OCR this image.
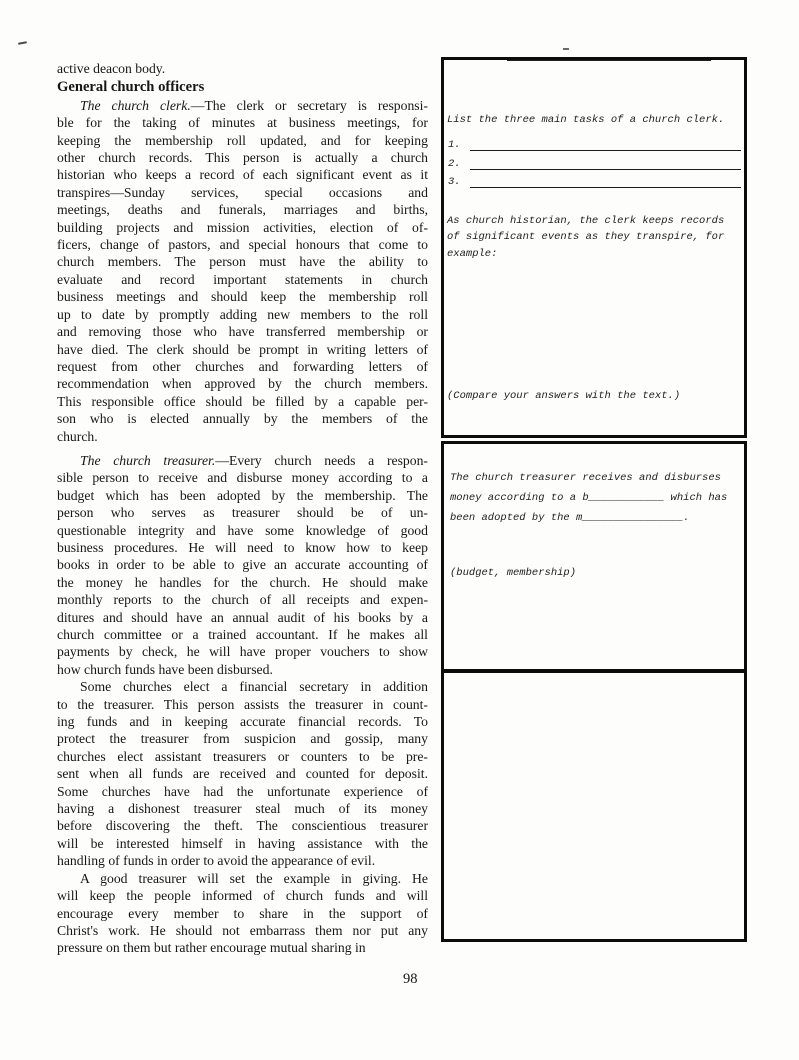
active deacon body.
General church officers
The church clerk.—The clerk or secretary is responsi-
ble for the taking of minutes at business meetings, for
keeping the membership roll updated, and for keeping
other church records. This person is actually a church
historian who keeps a record of each significant event as it
transpires—Sunday services, special occasions and
meetings, deaths and funerals, marriages and births,
building projects and mission activities, election of of-
ficers, change of pastors, and special honours that come to
church members. The person must have the ability to
evaluate and record important statements in church
business meetings and should keep the membership roll
up to date by promptly adding new members to the roll
and removing those who have transferred membership or
have died. The clerk should be prompt in writing letters of
request from other churches and forwarding letters of
recommendation when approved by the church members.
This responsible office should be filled by a capable per-
son who is elected annually by the members of the
church.
The church treasurer.—Every church needs a respon-
sible person to receive and disburse money according to a
budget which has been adopted by the membership. The
person who serves as treasurer should be of un-
questionable integrity and have some knowledge of good
business procedures. He will need to know how to keep
books in order to be able to give an accurate accounting of
the money he handles for the church. He should make
monthly reports to the church of all receipts and expen-
ditures and should have an annual audit of his books by a
church committee or a trained accountant. If he makes all
payments by check, he will have proper vouchers to show
how church funds have been disbursed.
Some churches elect a financial secretary in addition
to the treasurer. This person assists the treasurer in count-
ing funds and in keeping accurate financial records. To
protect the treasurer from suspicion and gossip, many
churches elect assistant treasurers or counters to be pre-
sent when all funds are received and counted for deposit.
Some churches have had the unfortunate experience of
having a dishonest treasurer steal much of its money
before discovering the theft. The conscientious treasurer
will be interested himself in having assistance with the
handling of funds in order to avoid the appearance of evil.
A good treasurer will set the example in giving. He
will keep the people informed of church funds and will
encourage every member to share in the support of
Christ's work. He should not embarrass them nor put any
pressure on them but rather encourage mutual sharing in
List the three main tasks of a church clerk.
1.
2.
3.
As church historian, the clerk keeps records
of significant events as they transpire, for
example:
(Compare your answers with the text.)
The church treasurer receives and disburses
money according to a b____________ which has
been adopted by the m________________.
(budget, membership)
98
